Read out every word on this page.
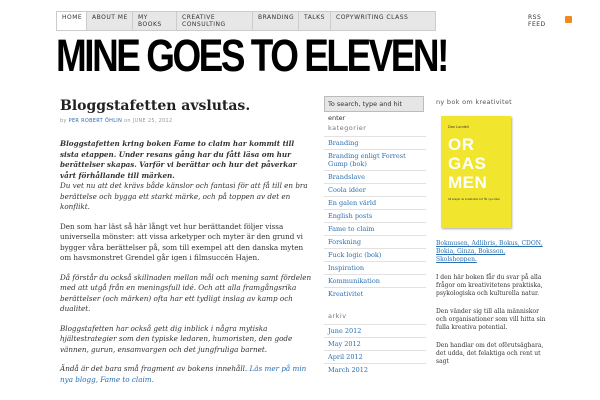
HOME	ABOUT ME	MY BOOKS
CREATIVE CONSULTING
BRANDING	TALKS	COPYWRITING CLASS	RSS FEED
MINE GOES TO ELEVEN!
Bloggstafetten avslutas.
by PER ROBERT ÖHLIN on JUNE 25, 2012

Bloggstafetten kring boken Fame to claim har kommit till sista etappen. Under resans gång har du fått läsa om hur berättelser skapas. Varför vi berättar och hur det påverkar vårt förhållande till märken.

Du vet nu att det krävs både känslor och fantasi för att få till en bra berättelse och bygga ett starkt märke, och på toppen av det en konflikt.

Den som har läst så här långt vet hur berättandet följer vissa universella mönster: att vissa arketyper och myter är den grund vi bygger våra berättelser på, som till exempel att den danska myten om havsmonstret Grendel går igen i filmsuccén Hajen.

Då förstår du också skillnaden mellan mål och mening samt fördelen med att utgå från en meningsfull idé. Och att alla framgångsrika berättelser (och märken) ofta har ett tydligt inslag av kamp och dualitet.

Bloggstafetten har också gett dig inblick i några mytiska hjältestrategier som den typiske ledaren, humoristen, den gode vännen, gurun, ensamvargen och det jungfruliga barnet.

Ändå är det bara små fragment av bokens innehåll. Läs mer på min nya blogg, Fame to claim.

To search, type and hit enter
kategorier
Branding
Branding enligt Forrest Gump (bok)
Brandslave
Coola idéer
En galen värld
English posts
Fame to claim
Forskning
Fuck logic (bok)
Inspiration
Kommunikation
Kreativitet
arkiv
June 2012
May 2012
April 2012
March 2012
ny bok om kreativitet
Dan Lundell
OR
GAS
MEN
Så skapar du kreativitet och får nya idéer
Bokmusen, Adlibris, Bokus, CDON, Bokia, Ginza, Boksson, Skolshoppen.

I den här boken får du svar på alla frågor om kreativitetens praktiska, psykologiska och kulturella natur.

Den vänder sig till alla människor och organisationer som vill hitta sin fulla kreativa potential.

Den handlar om det oförutsägbara, det udda, det felaktiga och rent ut sagt
